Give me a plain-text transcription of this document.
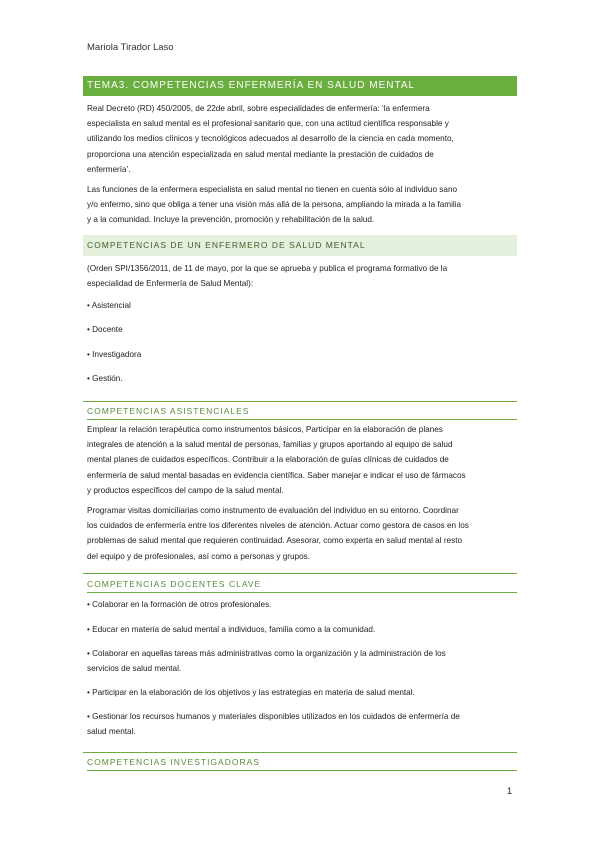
Mariola Tirador Laso
TEMA3. COMPETENCIAS ENFERMERÍA EN SALUD MENTAL
Real Decreto (RD) 450/2005, de 22de abril, sobre especialidades de enfermería: ‘la enfermera
especialista en salud mental es el profesional sanitario que, con una actitud científica responsable y
utilizando los medios clínicos y tecnológicos adecuados al desarrollo de la ciencia en cada momento,
proporciona una atención especializada en salud mental mediante la prestación de cuidados de
enfermería’.
Las funciones de la enfermera especialista en salud mental no tienen en cuenta sólo al individuo sano
y/o enfermo, sino que obliga a tener una visión más allá de la persona, ampliando la mirada a la familia
y a la comunidad. Incluye la prevención, promoción y rehabilitación de la salud.
COMPETENCIAS DE UN ENFERMERO DE SALUD MENTAL
(Orden SPI/1356/2011, de 11 de mayo, por la que se aprueba y publica el programa formativo de la
especialidad de Enfermería de Salud Mental):
• Asistencial
• Docente
• Investigadora
• Gestión.
COMPETENCIAS ASISTENCIALES
Emplear la relación terapéutica como instrumentos básicos, Participar en la elaboración de planes
integrales de atención a la salud mental de personas, familias y grupos aportando al equipo de salud
mental planes de cuidados específicos. Contribuir a la elaboración de guías clínicas de cuidados de
enfermería de salud mental basadas en evidencia científica. Saber manejar e indicar el uso de fármacos
y productos específicos del campo de la salud mental.
Programar visitas domiciliarias como instrumento de evaluación del individuo en su entorno. Coordinar
los cuidados de enfermería entre los diferentes niveles de atención. Actuar como gestora de casos en los
problemas de salud mental que requieren continuidad. Asesorar, como experta en salud mental al resto
del equipo y de profesionales, así como a personas y grupos.
COMPETENCIAS DOCENTES CLAVE
• Colaborar en la formación de otros profesionales.
• Educar en materia de salud mental a individuos, familia como a la comunidad.
• Colaborar en aquellas tareas más administrativas como la organización y la administración de los
servicios de salud mental.
• Participar en la elaboración de los objetivos y las estrategias en materia de salud mental.
• Gestionar los recursos humanos y materiales disponibles utilizados en los cuidados de enfermería de
salud mental.
COMPETENCIAS INVESTIGADORAS
1
